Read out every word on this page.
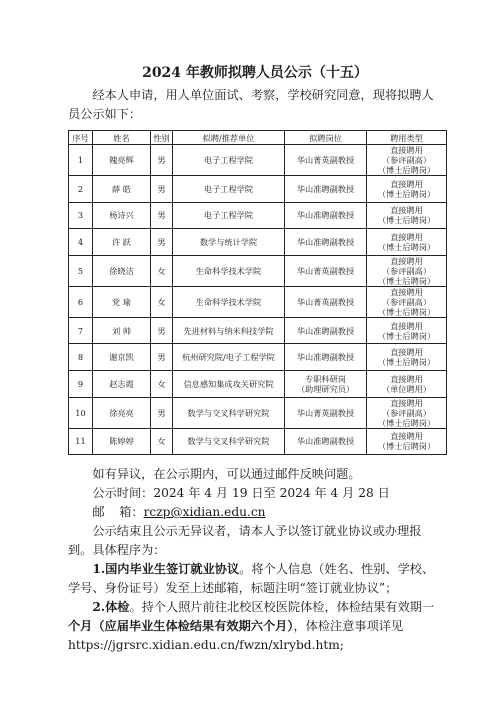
2024 年教师拟聘人员公示（十五）

经本人申请，用人单位面试、考察，学校研究同意，现将拟聘人员公示如下：

序号	姓名	性别	拟聘/推荐单位	拟聘岗位	聘用类型
1	隗亮辉	男	电子工程学院	华山菁英副教授	直接聘用
（参评副高）
（博士后聘岗）
2	薛 皓	男	电子工程学院	华山准聘副教授	直接聘用
（博士后聘岗）
3	杨诗兴	男	电子工程学院	华山准聘副教授	直接聘用
（博士后聘岗）
4	许 跃	男	数学与统计学院	华山准聘副教授	直接聘用
（博士后聘岗）
5	徐晓洁	女	生命科学技术学院	华山菁英副教授	直接聘用
（参评副高）
（博士后聘岗）
6	党 瑜	女	生命科学技术学院	华山菁英副教授	直接聘用
（参评副高）
（博士后聘岗）
7	刘 帅	男	先进材料与纳米科技学院	华山准聘副教授	直接聘用
（博士后聘岗）
8	谢京凯	男	杭州研究院/电子工程学院	华山准聘副教授	直接聘用
（博士后聘岗）
9	赵志霞	女	信息感知集成攻关研究院	专职科研岗
（助理研究员）	直接聘用
（单位聘用）
10	徐亮亮	男	数学与交叉科学研究院	华山菁英副教授	直接聘用
（参评副高）
（博士后聘岗）
11	陈婷婷	女	数学与交叉科学研究院	华山准聘副教授	直接聘用
（博士后聘岗）

如有异议，在公示期内，可以通过邮件反映问题。

公示时间：2024 年 4 月 19 日至 2024 年 4 月 28 日

邮 箱：rczp@xidian.edu.cn

公示结束且公示无异议者，请本人予以签订就业协议或办理报到。具体程序为：

1.国内毕业生签订就业协议。将个人信息（姓名、性别、学校、学号、身份证号）发至上述邮箱，标题注明“签订就业协议”；

2.体检。持个人照片前往北校区校医院体检，体检结果有效期一个月（应届毕业生体检结果有效期六个月），体检注意事项详见

https://jgrsrc.xidian.edu.cn/fwzn/xlrybd.htm;
